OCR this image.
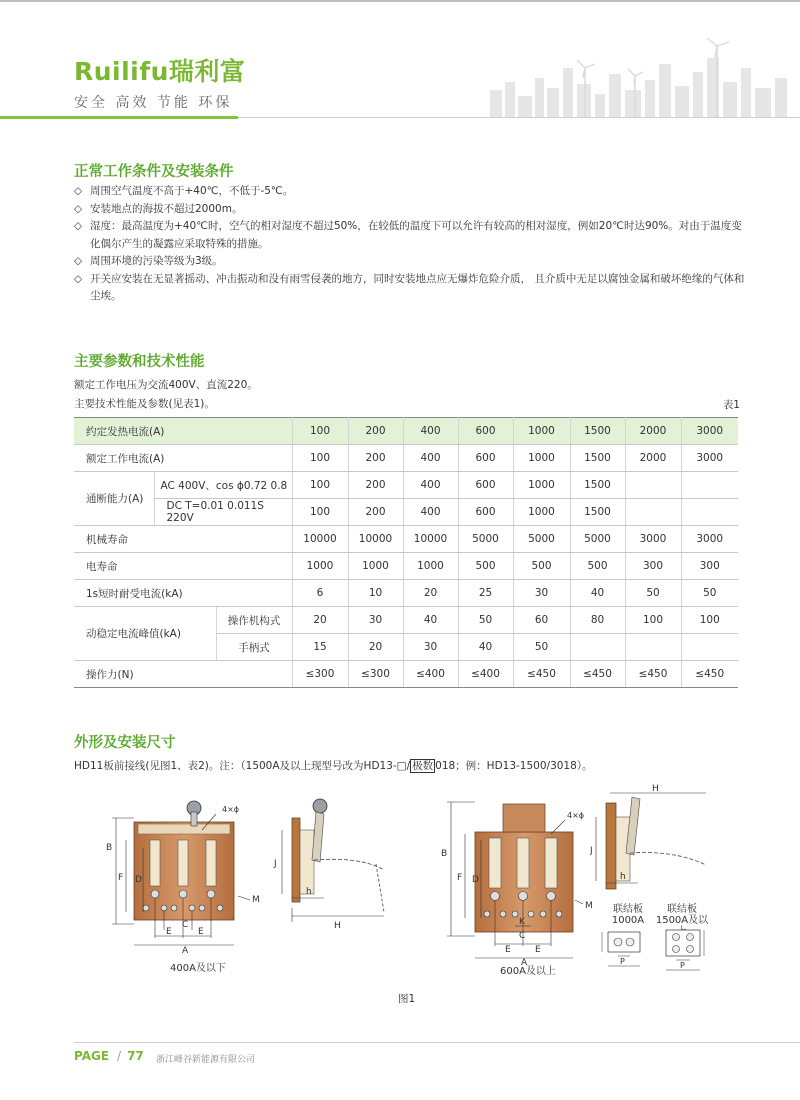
Ruilifu瑞利富
安全 高效 节能 环保
正常工作条件及安装条件
◇ 周围空气温度不高于+40℃，不低于-5℃。
◇ 安装地点的海拔不超过2000m。
◇ 湿度：最高温度为+40℃时，空气的相对湿度不超过50%，在较低的温度下可以允许有较高的相对湿度，例如20℃时达90%。对由于温度变化偶尔产生的凝露应采取特殊的措施。
◇ 周围环境的污染等级为3级。
◇ 开关应安装在无显著摇动、冲击振动和没有雨雪侵袭的地方，同时安装地点应无爆炸危险介质， 且介质中无足以腐蚀金属和破坏绝缘的气体和尘埃。
主要参数和技术性能
额定工作电压为交流400V、直流220。
主要技术性能及参数(见表1)。	表1
约定发热电流(A)			100	200	400	600	1000	1500	2000	3000
额定工作电流(A)			100	200	400	600	1000	1500	2000	3000
通断能力(A)	AC 400V、cos ɸ0.72 0.8		100	200	400	600	1000	1500		
	DC T=0.01 0.011S 220V		100	200	400	600	1000	1500		
机械寿命			10000	10000	10000	5000	5000	5000	3000	3000
电寿命			1000	1000	1000	500	500	500	300	300
1s短时耐受电流(kA)			6	10	20	25	30	40	50	50
动稳定电流峰值(kA)		操作机构式	20	30	40	50	60	80	100	100
		手柄式	15	20	30	40	50			
操作力(N)			≤300	≤300	≤400	≤400	≤450	≤450	≤450	≤450
外形及安装尺寸
HD11板前接线(见图1、表2)。注：（1500A及以上现型号改为HD13-□/ 极数 018；例：HD13-1500/3018）。
B
F D
C
E	E
A
M
4×ɸ
J
h
H
B
F D
K
C
E	E
A
M
4×ɸ
H
J
h
联结板 1000A
P
联结板 1500A及以
P
400A及以下	600A及以上
图1
PAGE / 77 浙江峰谷新能源有限公司
